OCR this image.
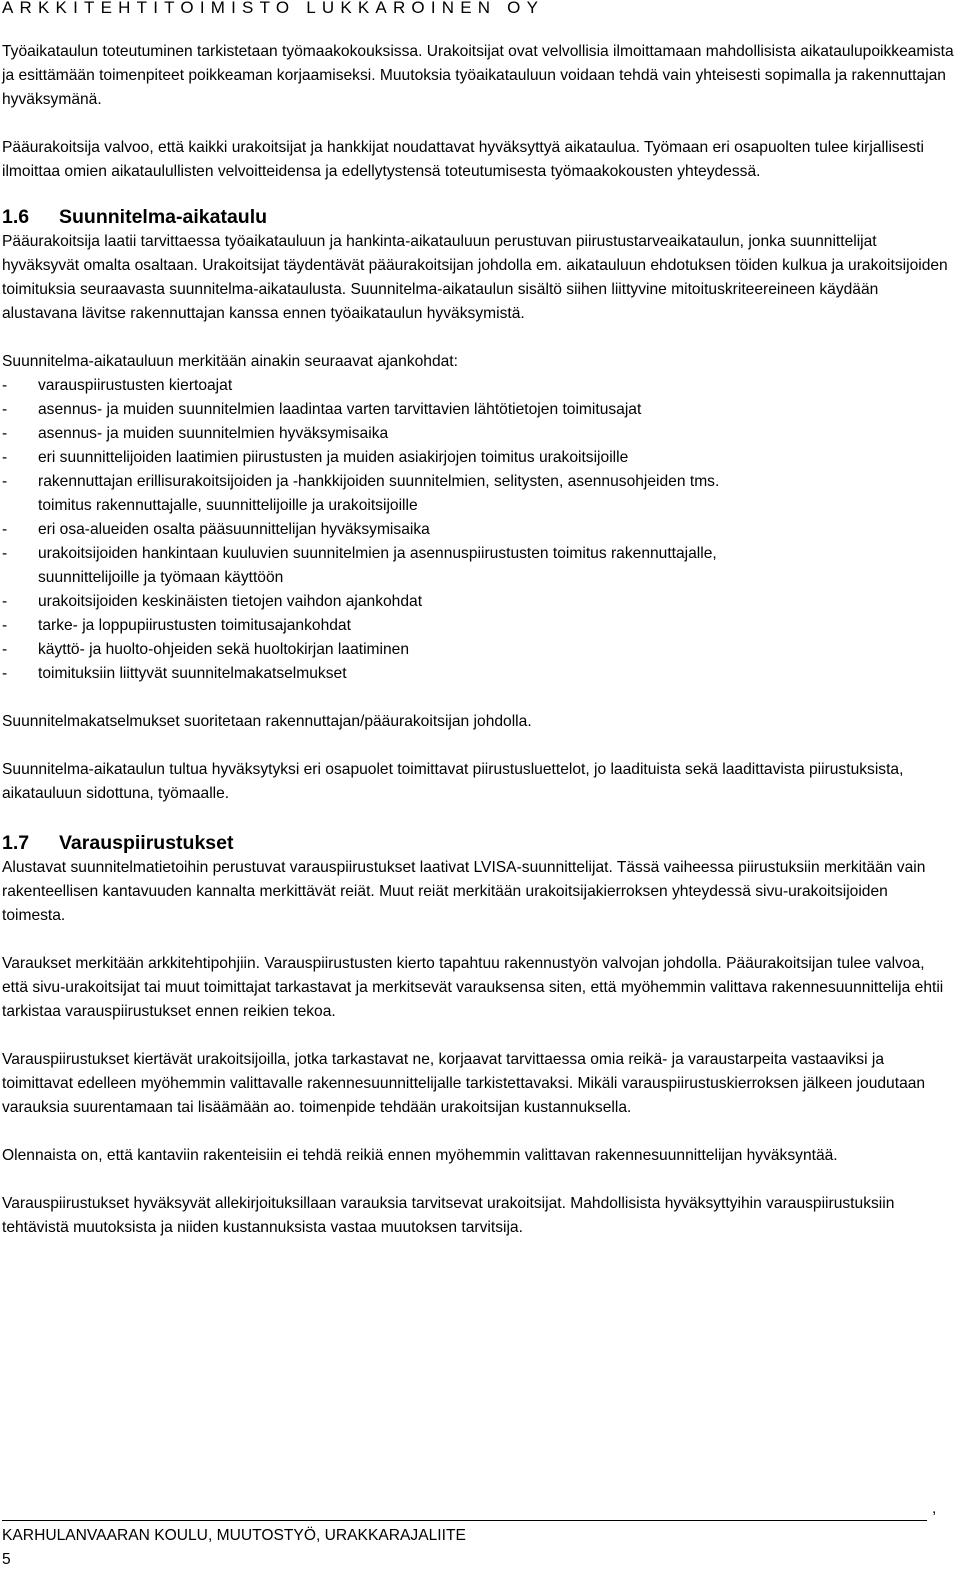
ARKKITEHTITOIMISTO LUKKAROINEN OY

Työaikataulun toteutuminen tarkistetaan työmaakokouksissa. Urakoitsijat ovat velvollisia ilmoittamaan mahdollisista aikataulupoikkeamista ja esittämään toimenpiteet poikkeaman korjaamiseksi. Muutoksia työaikatauluun voidaan tehdä vain yhteisesti sopimalla ja rakennuttajan hyväksymänä.

Pääurakoitsija valvoo, että kaikki urakoitsijat ja hankkijat noudattavat hyväksyttyä aikataulua. Työmaan eri osapuolten tulee kirjallisesti ilmoittaa omien aikataulullisten velvoitteidensa ja edellytystensä toteutumisesta työmaakokousten yhteydessä.

1.6	Suunnitelma-aikataulu

Pääurakoitsija laatii tarvittaessa työaikatauluun ja hankinta-aikatauluun perustuvan piirustustarveaikataulun, jonka suunnittelijat hyväksyvät omalta osaltaan. Urakoitsijat täydentävät pääurakoitsijan johdolla em. aikatauluun ehdotuksen töiden kulkua ja urakoitsijoiden toimituksia seuraavasta suunnitelma-aikataulusta. Suunnitelma-aikataulun sisältö siihen liittyvine mitoituskriteereineen käydään alustavana lävitse rakennuttajan kanssa ennen työaikataulun hyväksymistä.

Suunnitelma-aikatauluun merkitään ainakin seuraavat ajankohdat:

-	varauspiirustusten kiertoajat
-	asennus- ja muiden suunnitelmien laadintaa varten tarvittavien lähtötietojen toimitusajat
-	asennus- ja muiden suunnitelmien hyväksymisaika
-	eri suunnittelijoiden laatimien piirustusten ja muiden asiakirjojen toimitus urakoitsijoille
-	rakennuttajan erillisurakoitsijoiden ja -hankkijoiden suunnitelmien, selitysten, asennusohjeiden tms.
toimitus rakennuttajalle, suunnittelijoille ja urakoitsijoille
-	eri osa-alueiden osalta pääsuunnittelijan hyväksymisaika
-	urakoitsijoiden hankintaan kuuluvien suunnitelmien ja asennuspiirustusten toimitus rakennuttajalle,
suunnittelijoille ja työmaan käyttöön
-	urakoitsijoiden keskinäisten tietojen vaihdon ajankohdat
-	tarke- ja loppupiirustusten toimitusajankohdat
-	käyttö- ja huolto-ohjeiden sekä huoltokirjan laatiminen
-	toimituksiin liittyvät suunnitelmakatselmukset

Suunnitelmakatselmukset suoritetaan rakennuttajan/pääurakoitsijan johdolla.

Suunnitelma-aikataulun tultua hyväksytyksi eri osapuolet toimittavat piirustusluettelot, jo laadituista sekä laadittavista piirustuksista, aikatauluun sidottuna, työmaalle.

1.7	Varauspiirustukset

Alustavat suunnitelmatietoihin perustuvat varauspiirustukset laativat LVISA-suunnittelijat. Tässä vaiheessa piirustuksiin merkitään vain rakenteellisen kantavuuden kannalta merkittävät reiät. Muut reiät merkitään urakoitsijakierroksen yhteydessä sivu-urakoitsijoiden toimesta.

Varaukset merkitään arkkitehtipohjiin. Varauspiirustusten kierto tapahtuu rakennustyön valvojan johdolla. Pääurakoitsijan tulee valvoa, että sivu-urakoitsijat tai muut toimittajat tarkastavat ja merkitsevät varauksensa siten, että myöhemmin valittava rakennesuunnittelija ehtii tarkistaa varauspiirustukset ennen reikien tekoa.

Varauspiirustukset kiertävät urakoitsijoilla, jotka tarkastavat ne, korjaavat tarvittaessa omia reikä- ja varaustarpeita vastaaviksi ja toimittavat edelleen myöhemmin valittavalle rakennesuunnittelijalle tarkistettavaksi. Mikäli varauspiirustuskierroksen jälkeen joudutaan varauksia suurentamaan tai lisäämään ao. toimenpide tehdään urakoitsijan kustannuksella.

Olennaista on, että kantaviin rakenteisiin ei tehdä reikiä ennen myöhemmin valittavan rakennesuunnittelijan hyväksyntää.

Varauspiirustukset hyväksyvät allekirjoituksillaan varauksia tarvitsevat urakoitsijat. Mahdollisista hyväksyttyihin varauspiirustuksiin tehtävistä muutoksista ja niiden kustannuksista vastaa muutoksen tarvitsija.

,
KARHULANVAARAN KOULU, MUUTOSTYÖ, URAKKARAJALIITE
5
